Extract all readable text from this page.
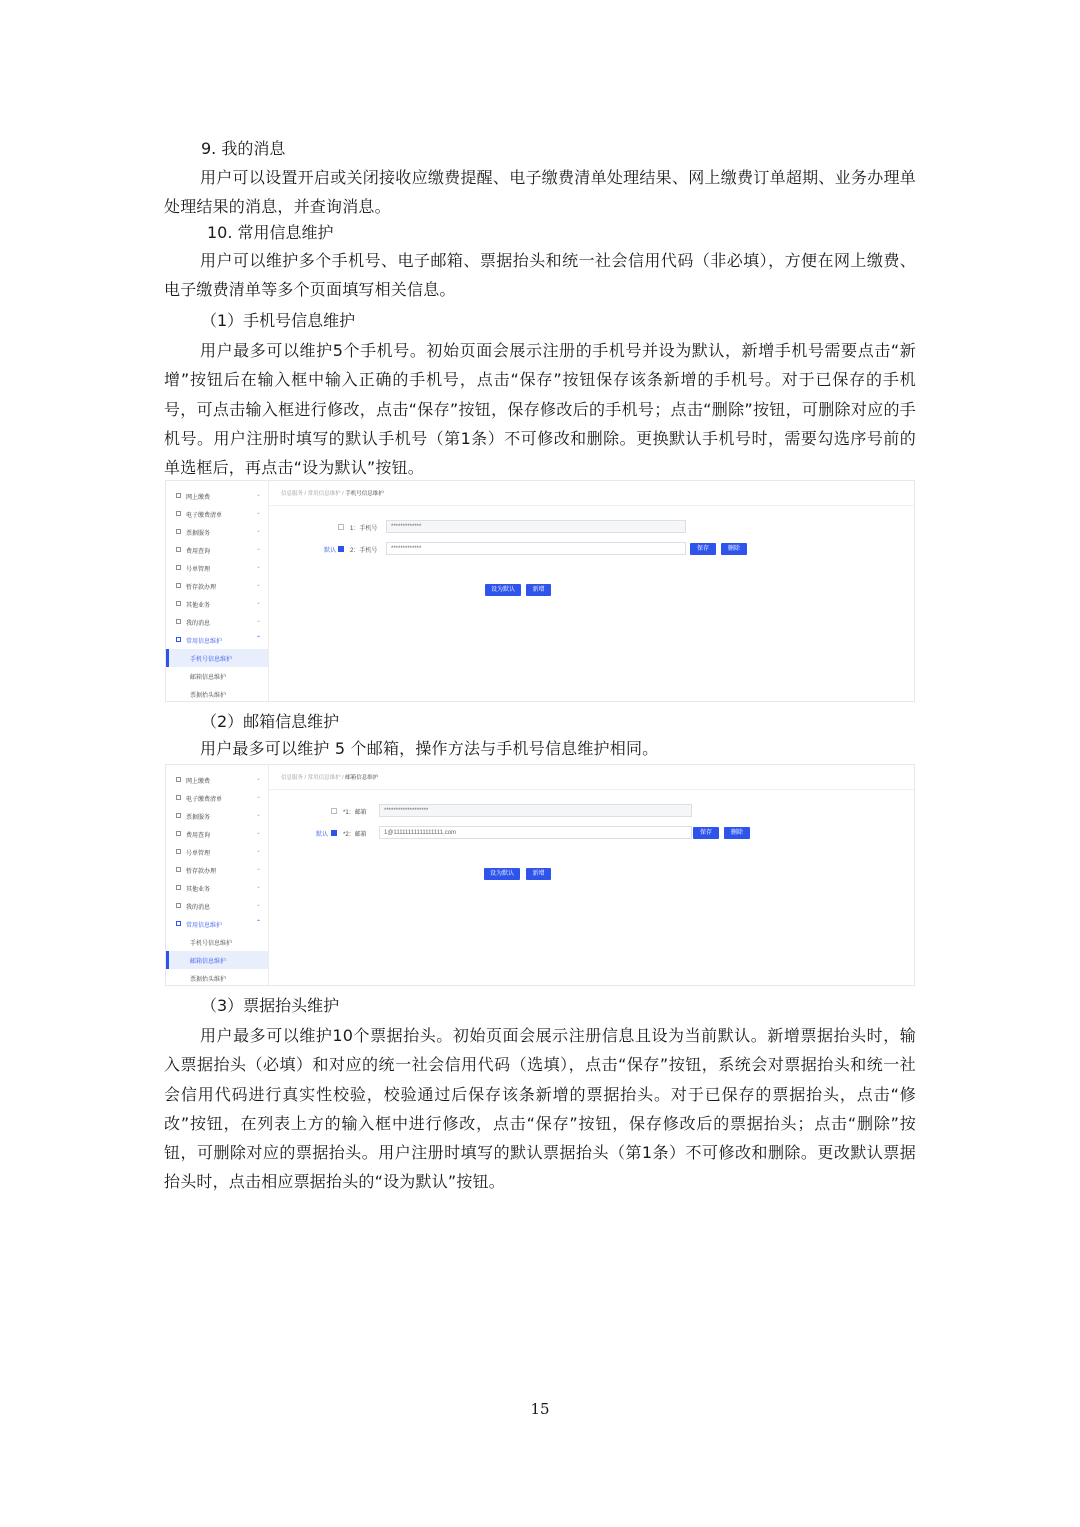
9. 我的消息

用户可以设置开启或关闭接收应缴费提醒、电子缴费清单处理结果、网上缴费订单超期、业务办理单处理结果的消息，并查询消息。

10. 常用信息维护

用户可以维护多个手机号、电子邮箱、票据抬头和统一社会信用代码（非必填），方便在网上缴费、电子缴费清单等多个页面填写相关信息。

（1）手机号信息维护

用户最多可以维护5个手机号。初始页面会展示注册的手机号并设为默认，新增手机号需要点击“新增”按钮后在输入框中输入正确的手机号，点击“保存”按钮保存该条新增的手机号。对于已保存的手机号，可点击输入框进行修改，点击“保存”按钮，保存修改后的手机号；点击“删除”按钮，可删除对应的手机号。用户注册时填写的默认手机号（第1条）不可修改和删除。更换默认手机号时，需要勾选序号前的单选框后，再点击“设为默认”按钮。

网上缴费	⌄
电子缴费清单	⌄
票据服务	⌄
费用查询	⌄
号单管理	⌄
暂存款办理	⌄
其他业务	⌄
我的消息	⌄
常用信息维护	⌃
手机号信息维护
邮箱信息维护
票据抬头维护
信息服务 / 常用信息维护 / 手机号信息维护
1：手机号	*************
默认 2：手机号	*************	保存	删除
设为默认	新增

（2）邮箱信息维护

用户最多可以维护 5 个邮箱，操作方法与手机号信息维护相同。

网上缴费	⌄
电子缴费清单	⌄
票据服务	⌄
费用查询	⌄
号单管理	⌄
暂存款办理	⌄
其他业务	⌄
我的消息	⌄
常用信息维护	⌃
手机号信息维护
邮箱信息维护
票据抬头维护
信息服务 / 常用信息维护 / 邮箱信息维护
*1：邮箱	*******************
默认 *2：邮箱	1@11111111111111111.com	保存	删除
设为默认	新增

（3）票据抬头维护

用户最多可以维护10个票据抬头。初始页面会展示注册信息且设为当前默认。新增票据抬头时，输入票据抬头（必填）和对应的统一社会信用代码（选填），点击“保存”按钮，系统会对票据抬头和统一社会信用代码进行真实性校验，校验通过后保存该条新增的票据抬头。对于已保存的票据抬头，点击“修改”按钮，在列表上方的输入框中进行修改，点击“保存”按钮，保存修改后的票据抬头；点击“删除”按钮，可删除对应的票据抬头。用户注册时填写的默认票据抬头（第1条）不可修改和删除。更改默认票据抬头时，点击相应票据抬头的“设为默认”按钮。

15
